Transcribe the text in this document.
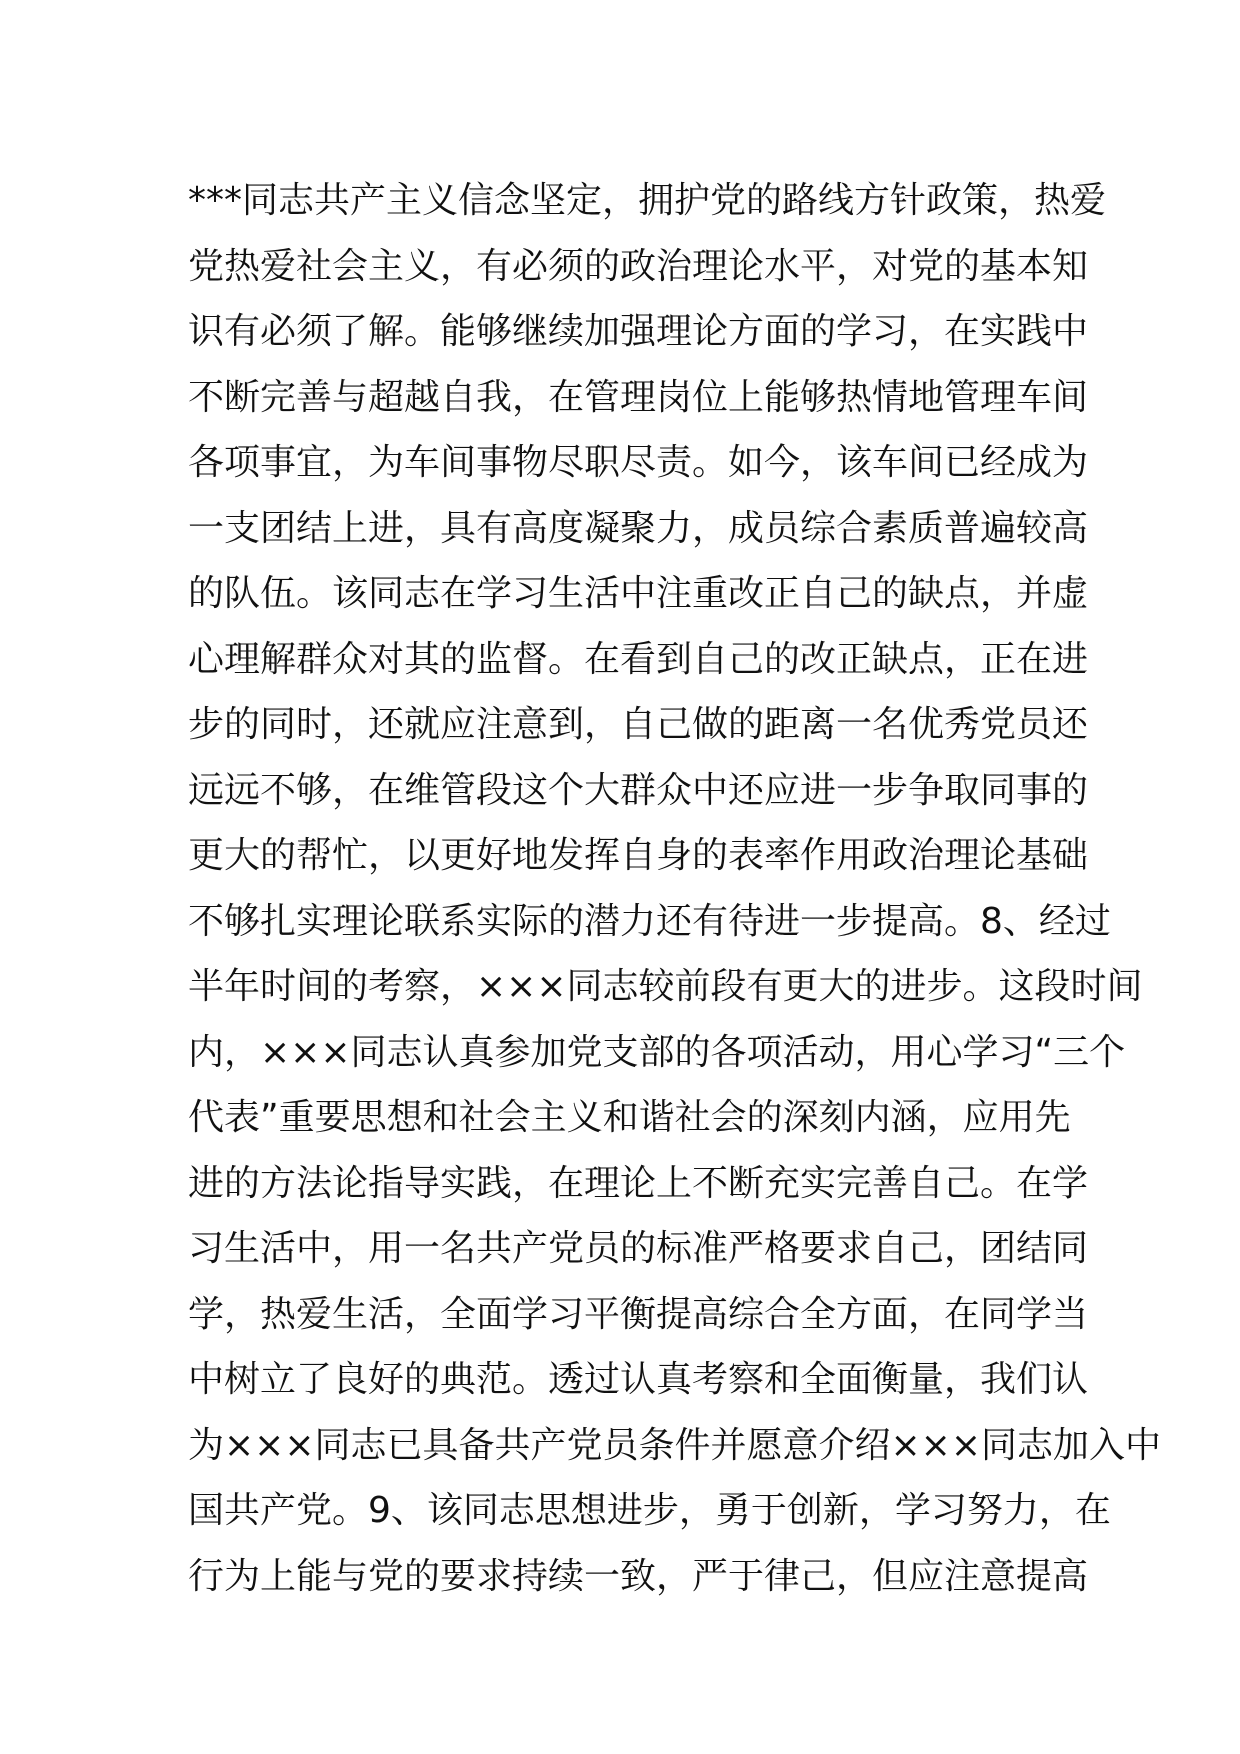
***同志共产主义信念坚定，拥护党的路线方针政策，热爱
党热爱社会主义，有必须的政治理论水平，对党的基本知
识有必须了解。能够继续加强理论方面的学习，在实践中
不断完善与超越自我，在管理岗位上能够热情地管理车间
各项事宜，为车间事物尽职尽责。如今，该车间已经成为
一支团结上进，具有高度凝聚力，成员综合素质普遍较高
的队伍。该同志在学习生活中注重改正自己的缺点，并虚
心理解群众对其的监督。在看到自己的改正缺点，正在进
步的同时，还就应注意到，自己做的距离一名优秀党员还
远远不够，在维管段这个大群众中还应进一步争取同事的
更大的帮忙，以更好地发挥自身的表率作用政治理论基础
不够扎实理论联系实际的潜力还有待进一步提高。8、经过
半年时间的考察，×××同志较前段有更大的进步。这段时间
内，×××同志认真参加党支部的各项活动，用心学习“三个
代表”重要思想和社会主义和谐社会的深刻内涵，应用先
进的方法论指导实践，在理论上不断充实完善自己。在学
习生活中，用一名共产党员的标准严格要求自己，团结同
学，热爱生活，全面学习平衡提高综合全方面，在同学当
中树立了良好的典范。透过认真考察和全面衡量，我们认
为×××同志已具备共产党员条件并愿意介绍×××同志加入中
国共产党。9、该同志思想进步，勇于创新，学习努力，在
行为上能与党的要求持续一致，严于律己，但应注意提高
